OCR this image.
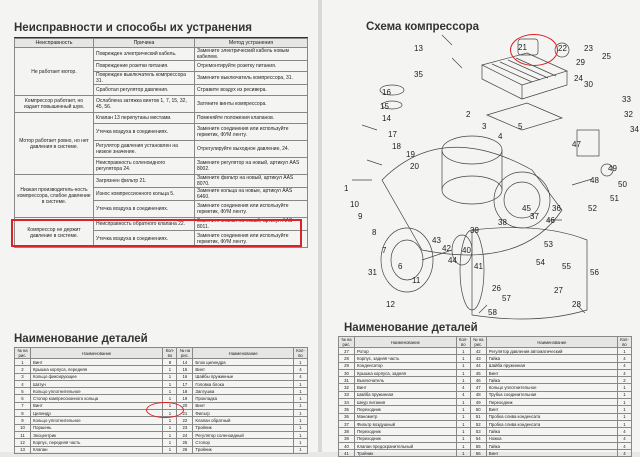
Неисправности и способы их устранения
Неисправность	Причина	Метод устранения
Не работает мотор.	Поврежден электрический кабель.	Замените электрический кабель новым кабелем.
	Повреждение розетки питания.	Отремонтируйте розетку питания.
	Поврежден выключатель компрессора 31.	Замените выключатель компрессора, 31.
	Сработал регулятор давления.	Стравите воздух из ресивера.
Компрессор работает, но издает повышенный шум.	Ослаблена затяжка винтов 1, 7, 15, 32, 45, 56.	Затяните винты компрессора.
Мотор работает ровно, но нет давления в системе.	Клапан 13 перепутаны местами.	Поменяйте положения клапанов.
	Утечка воздуха в соединениях.	Замените соединения или используйте герметик, ФУМ ленту.
	Регулятор давления установлен на низкое значение.	Отрегулируйте выходное давление, 24.
	Неисправность соленоидного регулятора 24.	Замените регулятор на новый, артикул AAS 8002.
Низкая производитель-ность компрессора, слабое давление в системе.	Загрязнен фильтр 21.	Замените фильтр на новый, артикул AAS 8070.
	Износ компрессионного кольца 5.	Замените кольца на новые, артикул AAS 6460.
	Утечка воздуха в соединениях.	Замените соединения или используйте герметик, ФУМ ленту.
Компрессор не держит давление в системе.	Неисправность обратного клапана 22.	Замените клапан на новый, артикул AAS 8011.
	Утечка воздуха в соединениях.	Замените соединения или используйте герметик, ФУМ ленту.
Наименование деталей
№ на рис.	Наименование	Кол-во	№ на рис.	Наименование	Кол-во
1	Винт	8	14	Блок цилиндра	1
2	Крышка корпуса, передняя	1	15	Винт	4
3	Кольцо фиксирующее	1	16	Шайбы пружинные	4
4	Шатун	1	17	Головка блока	1
5	Кольцо уплотнительное	1	18	Заглушка	1
6	Стопор компрессионного кольца	1	19	Прокладка	1
7	Винт	1	20	Винт	1
8	Цилиндр	1	21	Фильтр	1
9	Кольцо уплотнительное	1	22	Клапан обратный	1
10	Поршень	1	23	Тройник	1
11	Эксцентрик	1	24	Регулятор соленоидный	1
12	Корпус, передняя часть	1	25	Стопор	1
13	Клапан	1	26	Тройник	1
Схема компрессора
13	21	22 23
29
25
24
30
33
32
34
35
16
15
14
17
18
19
20
1
10
9
8
7
6
11
12
2
3
4
5
36
37
38
39
40
41
42
43
44
45
46
47
48
49
50
51
52
53
54 55
56
57
58
26	27
28
31
Наименование деталей
№ на рис.	Наименование	Кол-во	№ на рис.	Наименование	Кол-во
27	Ротор	1	42	Регулятор давления автоматический	1
28	Корпус, задняя часть	1	43	Гайка	4
29	Конденсатор	1	44	Шайба пружинная	4
30	Крышка корпуса, задняя	1	45	Винт	4
31	Выключатель	1	46	Гайка	2
32	Винт	4	47	Кольцо уплотнительное	1
33	Шайба пружинная	4	48	Трубка соединительная	1
34	Шнур питания	1	49	Переходник	1
35	Переходник	1	50	Винт	1
36	Манометр	1	51	Пробка слива конденсата	1
37	Фильтр воздушный	1	52	Пробка слива конденсата	1
38	Переходник	1	53	Гайка	4
39	Переходник	1	54	Ножка	4
40	Клапан предохранительный	1	55	Гайка	4
41	Тройник	1	56	Винт	4
